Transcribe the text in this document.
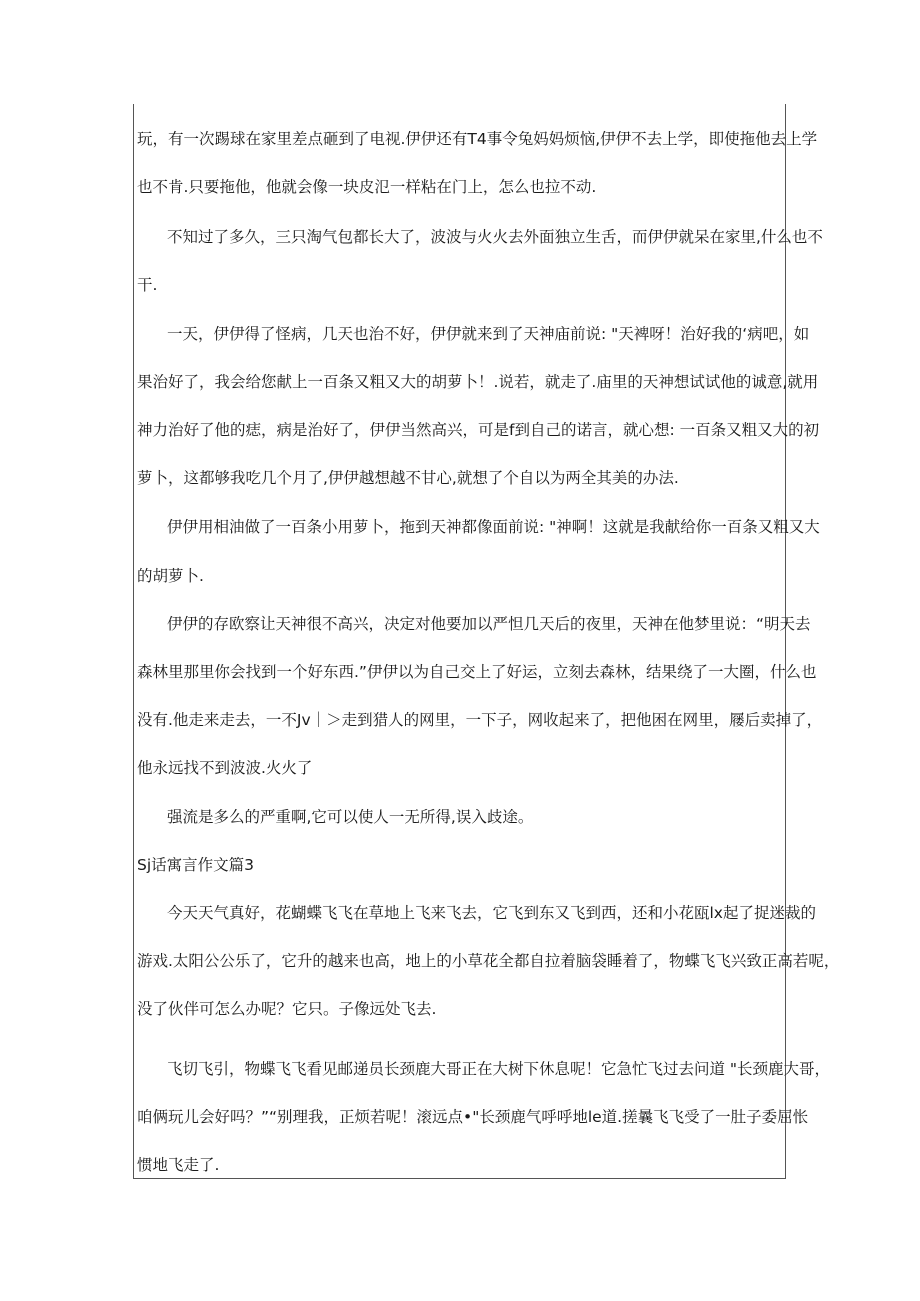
玩，有一次踢球在家里差点砸到了电视.伊伊还有T4事令兔妈妈烦恼,伊伊不去上学，即使拖他去上学

也不肯.只要拖他，他就会像一块皮氾一样粘在门上，怎么也拉不动.

不知过了多久，三只淘气包都长大了，波波与火火去外面独立生舌，而伊伊就呆在家里,什么也不

干.

一天，伊伊得了怪病，几天也治不好，伊伊就来到了天神庙前说: "天裨呀！治好我的‘病吧，如

果治好了，我会给您献上一百条又粗又大的胡萝卜！.说若，就走了.庙里的天神想试试他的诚意,就用

神力治好了他的痣，病是治好了，伊伊当然高兴，可是f到自己的诺言，就心想: 一百条又粗又大的初

萝卜，这都够我吃几个月了,伊伊越想越不甘心,就想了个自以为两全其美的办法.

伊伊用相油做了一百条小用萝卜，拖到天神都像面前说: "神啊！这就是我献给你一百条又粗又大

的胡萝卜.

伊伊的存欧察让天神很不高兴，决定对他要加以严怛几天后的夜里，天神在他梦里说：“明天去

森林里那里你会找到一个好东西.”伊伊以为自己交上了好运，立刻去森林，结果绕了一大圈，什么也

没有.他走来走去，一不Jv｜＞走到猎人的网里，一下子，网收起来了，把他困在网里，屦后卖掉了，

他永远找不到波波.火火了

强流是多么的严重啊,它可以使人一无所得,误入歧途。

Sj话寓言作文篇3

今天天气真好，花蝴蝶飞飞在草地上飞来飞去，它飞到东又飞到西，还和小花瓯lx起了捉迷裁的

游戏.太阳公公乐了，它升的越来也高，地上的小草花全都自拉着脑袋睡着了，物蝶飞飞兴致正高若呢，

没了伙伴可怎么办呢？它只。子像远处飞去.

飞切飞引，物蝶飞飞看见邮递员长颈鹿大哥正在大树下休息呢！它急忙飞过去问道 "长颈鹿大哥，

咱俩玩儿会好吗？”“别理我，正烦若呢！滚远点•"长颈鹿气呼呼地le道.搓曩飞飞受了一肚子委屈怅

惯地飞走了.
